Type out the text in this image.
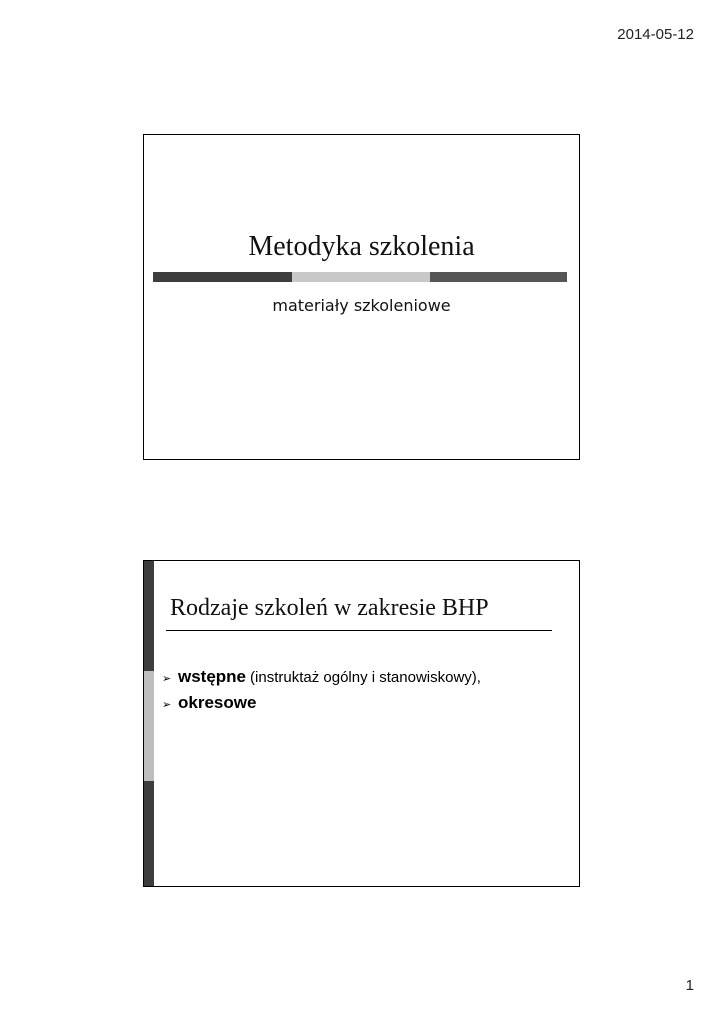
2014-05-12
Metodyka szkolenia
materiały szkoleniowe
Rodzaje szkoleń w zakresie BHP
➢ wstępne (instruktaż ogólny i stanowiskowy),
➢ okresowe
1
